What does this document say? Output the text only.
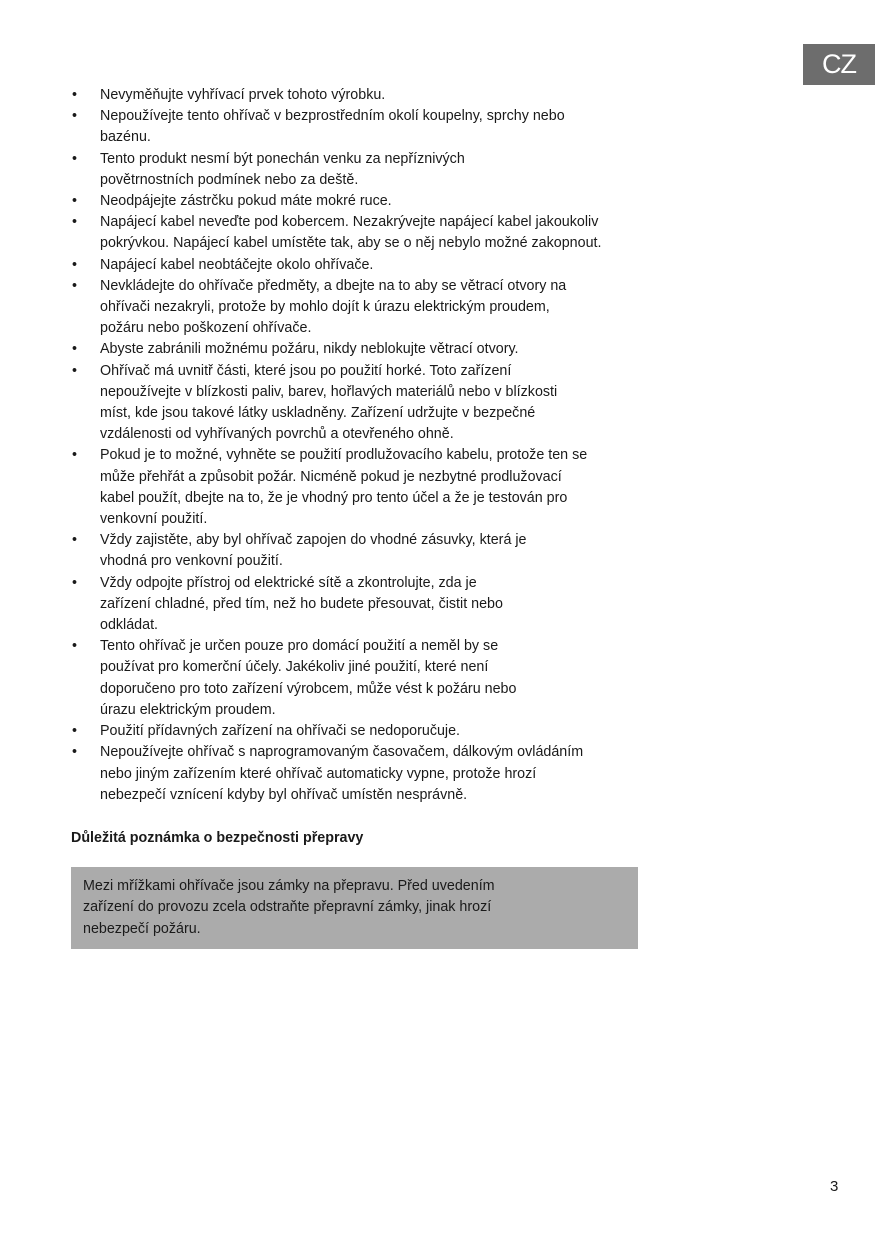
CZ
• Nevyměňujte vyhřívací prvek tohoto výrobku.
• Nepoužívejte tento ohřívač v bezprostředním okolí koupelny, sprchy nebo
bazénu.
• Tento produkt nesmí být ponechán venku za nepříznivých
povětrnostních podmínek nebo za deště.
• Neodpájejte zástrčku pokud máte mokré ruce.
• Napájecí kabel neveďte pod kobercem. Nezakrývejte napájecí kabel jakoukoliv
pokrývkou. Napájecí kabel umístěte tak, aby se o něj nebylo možné zakopnout.
• Napájecí kabel neobtáčejte okolo ohřívače.
• Nevkládejte do ohřívače předměty, a dbejte na to aby se větrací otvory na
ohřívači nezakryli, protože by mohlo dojít k úrazu elektrickým proudem,
požáru nebo poškození ohřívače.
• Abyste zabránili možnému požáru, nikdy neblokujte větrací otvory.
• Ohřívač má uvnitř části, které jsou po použití horké. Toto zařízení
nepoužívejte v blízkosti paliv, barev, hořlavých materiálů nebo v blízkosti
míst, kde jsou takové látky uskladněny. Zařízení udržujte v bezpečné
vzdálenosti od vyhřívaných povrchů a otevřeného ohně.
• Pokud je to možné, vyhněte se použití prodlužovacího kabelu, protože ten se
může přehřát a způsobit požár. Nicméně pokud je nezbytné prodlužovací
kabel použít, dbejte na to, že je vhodný pro tento účel a že je testován pro
venkovní použití.
• Vždy zajistěte, aby byl ohřívač zapojen do vhodné zásuvky, která je
vhodná pro venkovní použití.
• Vždy odpojte přístroj od elektrické sítě a zkontrolujte, zda je
zařízení chladné, před tím, než ho budete přesouvat, čistit nebo
odkládat.
• Tento ohřívač je určen pouze pro domácí použití a neměl by se
používat pro komerční účely. Jakékoliv jiné použití, které není
doporučeno pro toto zařízení výrobcem, může vést k požáru nebo
úrazu elektrickým proudem.
• Použití přídavných zařízení na ohřívači se nedoporučuje.
• Nepoužívejte ohřívač s naprogramovaným časovačem, dálkovým ovládáním
nebo jiným zařízením které ohřívač automaticky vypne, protože hrozí
nebezpečí vznícení kdyby byl ohřívač umístěn nesprávně.
Důležitá poznámka o bezpečnosti přepravy
Mezi mřížkami ohřívače jsou zámky na přepravu. Před uvedením
zařízení do provozu zcela odstraňte přepravní zámky, jinak hrozí
nebezpečí požáru.
3
